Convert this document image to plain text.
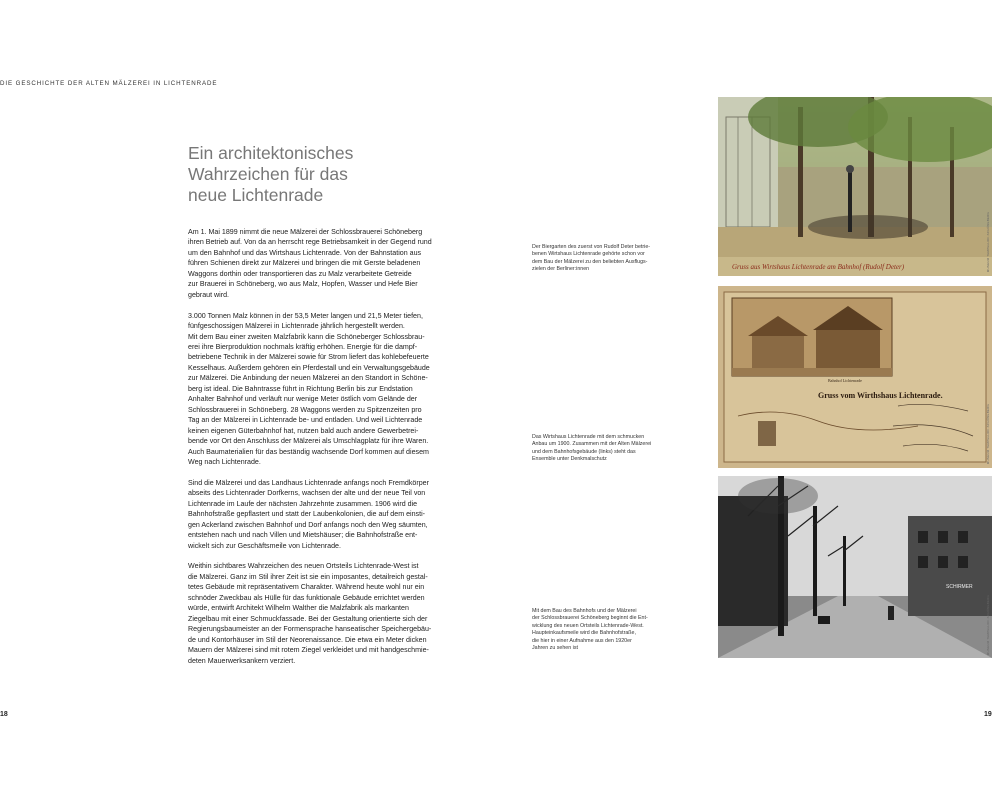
DIE GESCHICHTE DER ALTEN MÄLZEREI IN LICHTENRADE
Ein architektonisches
Wahrzeichen für das
neue Lichtenrade

Am 1. Mai 1899 nimmt die neue Mälzerei der Schlossbrauerei Schöneberg
ihren Betrieb auf. Von da an herrscht rege Betriebsamkeit in der Gegend rund
um den Bahnhof und das Wirtshaus Lichtenrade. Von der Bahnstation aus
führen Schienen direkt zur Mälzerei und bringen die mit Gerste beladenen
Waggons dorthin oder transportieren das zu Malz verarbeitete Getreide
zur Brauerei in Schöneberg, wo aus Malz, Hopfen, Wasser und Hefe Bier
gebraut wird.

3.000 Tonnen Malz können in der 53,5 Meter langen und 21,5 Meter tiefen,
fünfgeschossigen Mälzerei in Lichtenrade jährlich hergestellt werden.
Mit dem Bau einer zweiten Malzfabrik kann die Schöneberger Schlossbrau-
erei ihre Bierproduktion nochmals kräftig erhöhen. Energie für die dampf-
betriebene Technik in der Mälzerei sowie für Strom liefert das kohlebefeuerte
Kesselhaus. Außerdem gehören ein Pferdestall und ein Verwaltungsgebäude
zur Mälzerei. Die Anbindung der neuen Mälzerei an den Standort in Schöne-
berg ist ideal. Die Bahntrasse führt in Richtung Berlin bis zur Endstation
Anhalter Bahnhof und verläuft nur wenige Meter östlich vom Gelände der
Schlossbrauerei in Schöneberg. 28 Waggons werden zu Spitzenzeiten pro
Tag an der Mälzerei in Lichtenrade be- und entladen. Und weil Lichtenrade
keinen eigenen Güterbahnhof hat, nutzen bald auch andere Gewerbetrei-
bende vor Ort den Anschluss der Mälzerei als Umschlagplatz für ihre Waren.
Auch Baumaterialien für das beständig wachsende Dorf kommen auf diesem
Weg nach Lichtenrade.

Sind die Mälzerei und das Landhaus Lichtenrade anfangs noch Fremdkörper
abseits des Lichtenrader Dorfkerns, wachsen der alte und der neue Teil von
Lichtenrade im Laufe der nächsten Jahrzehnte zusammen. 1906 wird die
Bahnhofstraße gepflastert und statt der Laubenkolonien, die auf dem einsti-
gen Ackerland zwischen Bahnhof und Dorf anfangs noch den Weg säumten,
entstehen nach und nach Villen und Mietshäuser; die Bahnhofstraße ent-
wickelt sich zur Geschäftsmeile von Lichtenrade.

Weithin sichtbares Wahrzeichen des neuen Ortsteils Lichtenrade-West ist
die Mälzerei. Ganz im Stil ihrer Zeit ist sie ein imposantes, detailreich gestal-
tetes Gebäude mit repräsentativem Charakter. Während heute wohl nur ein
schnöder Zweckbau als Hülle für das funktionale Gebäude errichtet werden
würde, entwirft Architekt Wilhelm Walther die Malzfabrik als markanten
Ziegelbau mit einer Schmuckfassade. Bei der Gestaltung orientierte sich der
Regierungsbaumeister an der Formensprache hanseatischer Speichergebäu-
de und Kontorhäuser im Stil der Neorenaissance. Die etwa ein Meter dicken
Mauern der Mälzerei sind mit rotem Ziegel verkleidet und mit handgeschmie-
deten Mauerwerksankern verziert.

Der Biergarten des zuerst von Rudolf Deter betrie-
benen Wirtshaus Lichtenrade gehörte schon vor
dem Bau der Mälzerei zu den beliebten Ausflugs-
zielen der Berliner:innen
Das Wirtshaus Lichtenrade mit dem schmucken
Anbau um 1900. Zusammen mit der Alten Mälzerei
und dem Bahnhofsgebäude (links) steht das
Ensemble unter Denkmalschutz
Mit dem Bau des Bahnhofs und der Mälzerei
der Schlossbrauerei Schöneberg beginnt die Ent-
wicklung des neuen Ortsteils Lichtenrade-West.
Haupteinkaufsmeile wird die Bahnhofstraße,
die hier in einer Aufnahme aus den 1920er
Jahren zu sehen ist
Gruss aus Wirtshaus Lichtenrade am Bahnhof (Rudolf Deter)	MUSEUM TEMPELHOF-SCHÖNEBERG
Bahnhof Lichtenrade
Gruss vom Wirthshaus Lichtenrade.
MUSEUM TEMPELHOF-SCHÖNEBERG
SCHIRMER
MUSEUM TEMPELHOF-SCHÖNEBERG
18	19
